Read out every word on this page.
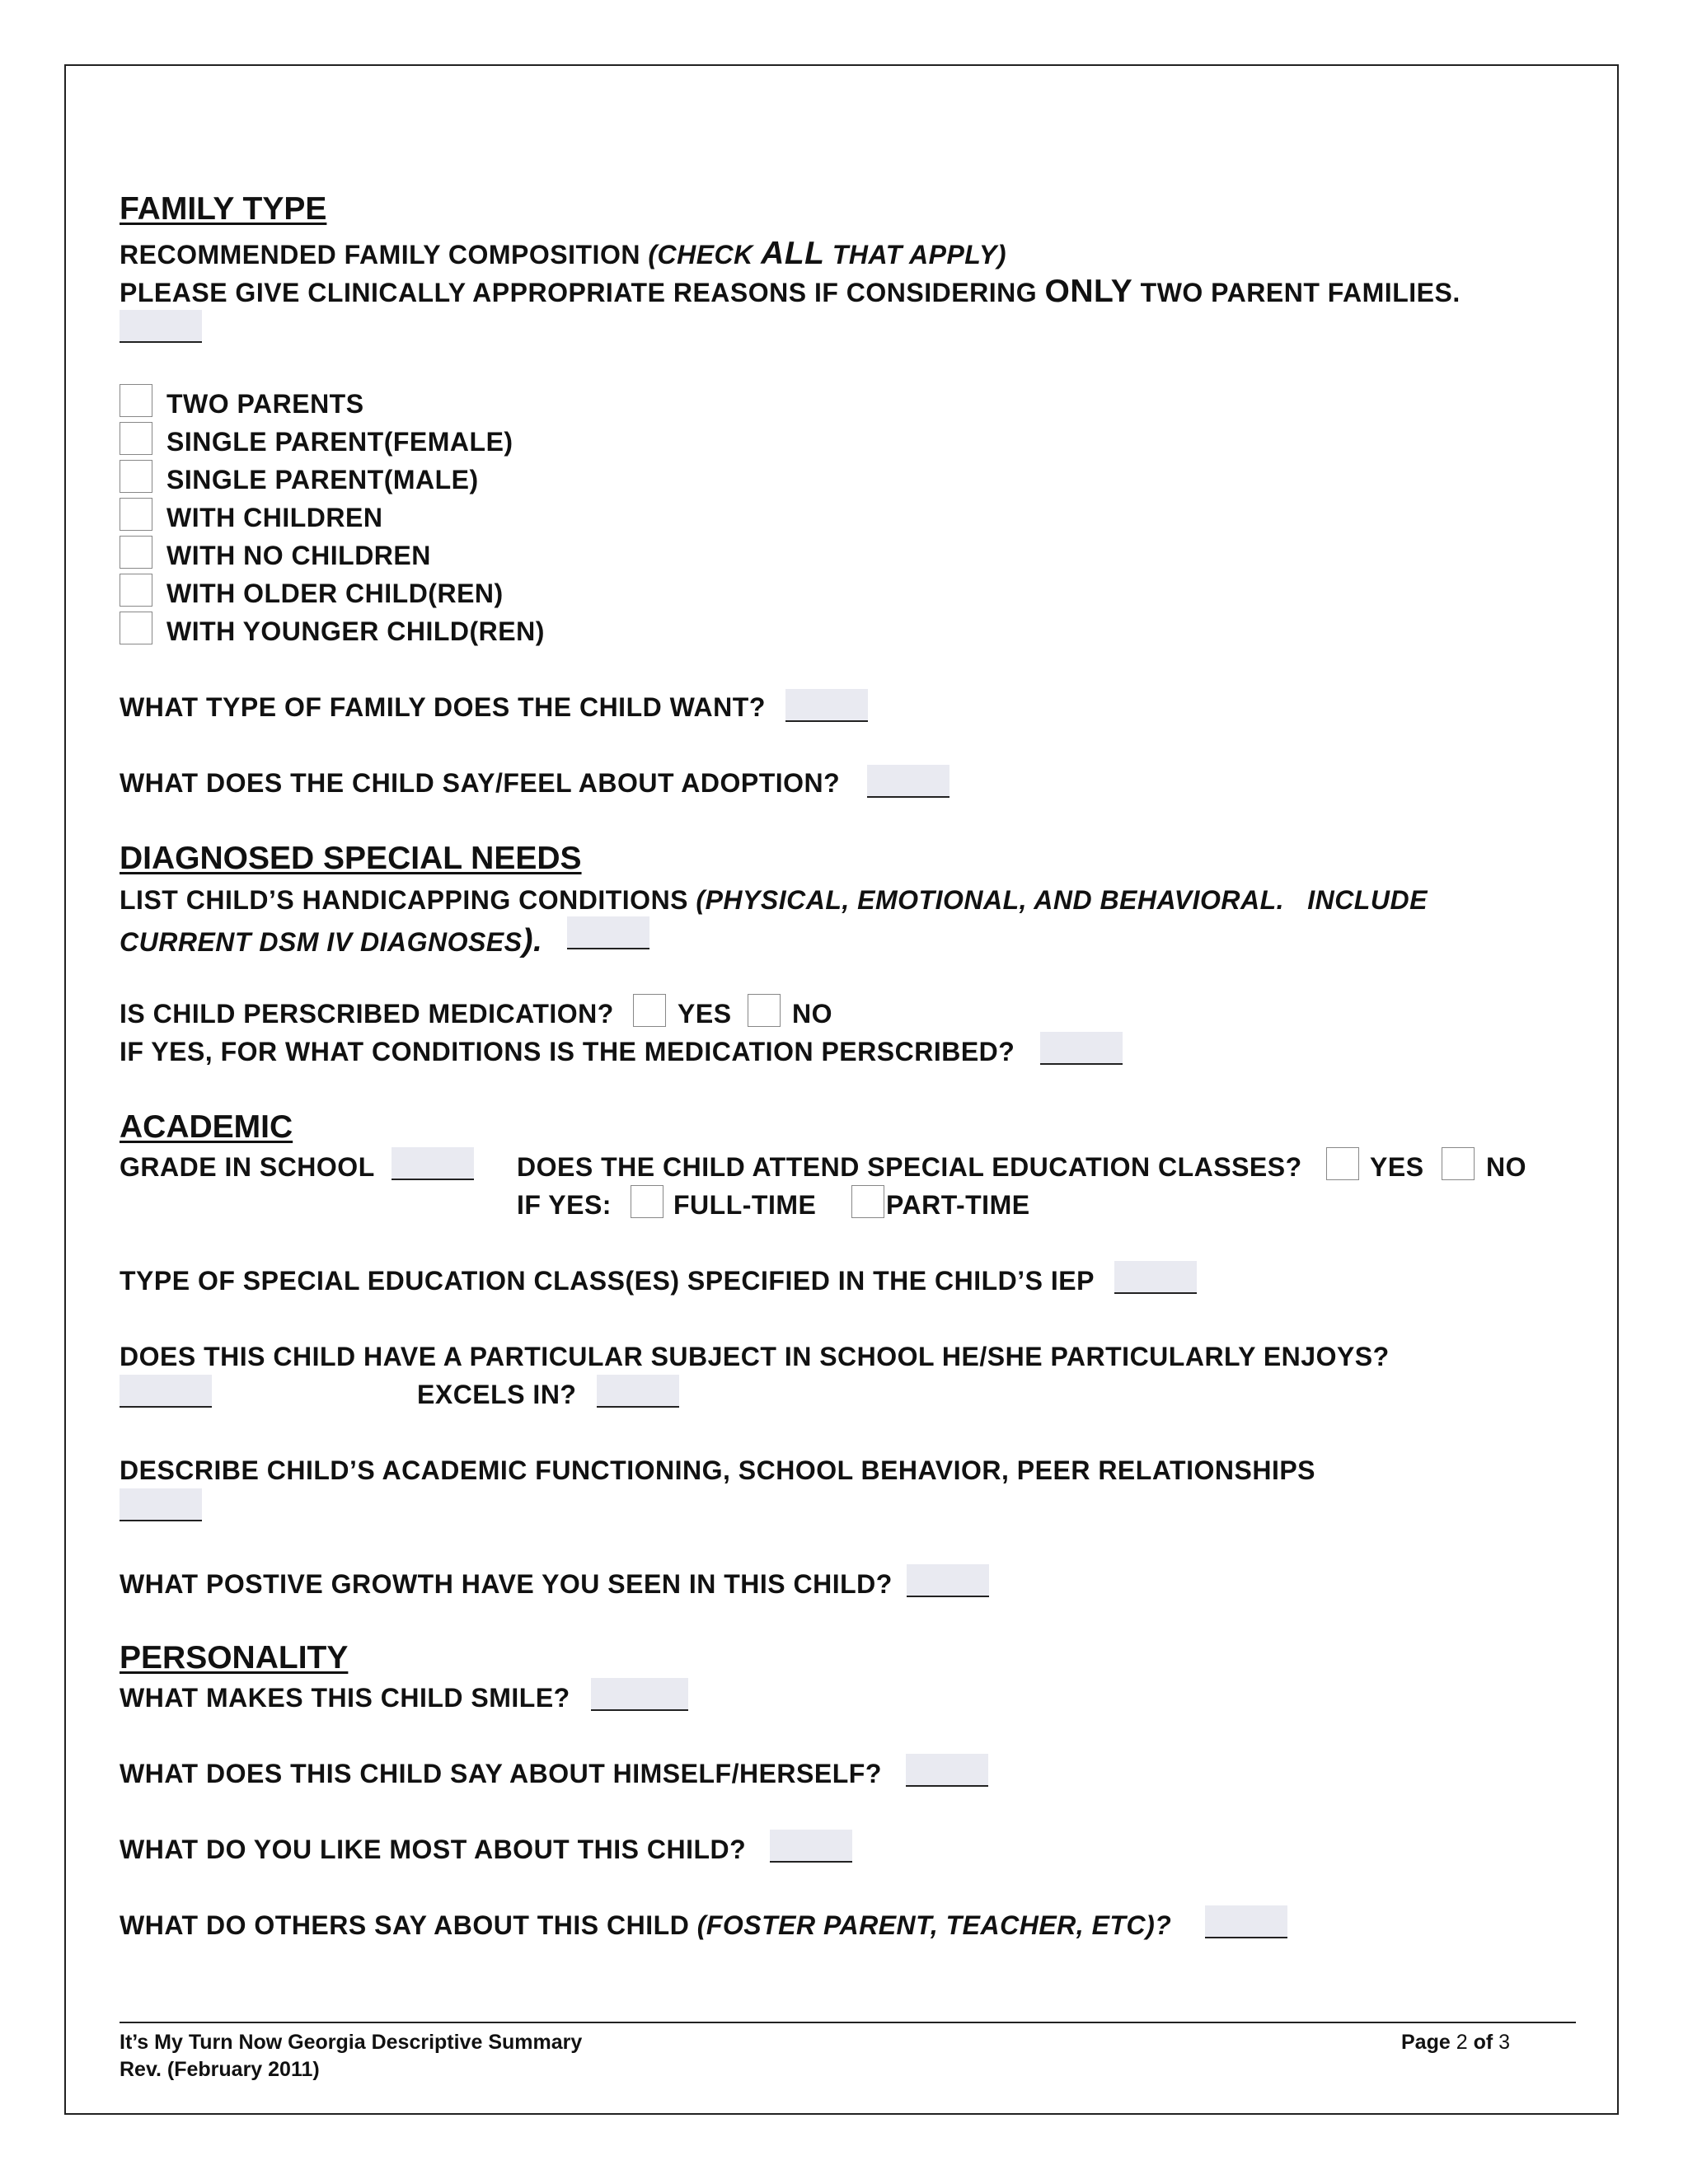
FAMILY TYPE
RECOMMENDED FAMILY COMPOSITION (CHECK ALL THAT APPLY)
PLEASE GIVE CLINICALLY APPROPRIATE REASONS IF CONSIDERING ONLY TWO PARENT FAMILIES.
TWO PARENTS
SINGLE PARENT(FEMALE)
SINGLE PARENT(MALE)
WITH CHILDREN
WITH NO CHILDREN
WITH OLDER CHILD(REN)
WITH YOUNGER CHILD(REN)
WHAT TYPE OF FAMILY DOES THE CHILD WANT?
WHAT DOES THE CHILD SAY/FEEL ABOUT ADOPTION?
DIAGNOSED SPECIAL NEEDS
LIST CHILD’S HANDICAPPING CONDITIONS (PHYSICAL, EMOTIONAL, AND BEHAVIORAL.   INCLUDE
CURRENT DSM IV DIAGNOSES).
IS CHILD PERSCRIBED MEDICATION? YES NO
IF YES, FOR WHAT CONDITIONS IS THE MEDICATION PERSCRIBED?
ACADEMIC
GRADE IN SCHOOL	DOES THE CHILD ATTEND SPECIAL EDUCATION CLASSES?	YES NO
IF YES: FULL-TIME	PART-TIME
TYPE OF SPECIAL EDUCATION CLASS(ES) SPECIFIED IN THE CHILD’S IEP
DOES THIS CHILD HAVE A PARTICULAR SUBJECT IN SCHOOL HE/SHE PARTICULARLY ENJOYS?
EXCELS IN?
DESCRIBE CHILD’S ACADEMIC FUNCTIONING, SCHOOL BEHAVIOR, PEER RELATIONSHIPS
WHAT POSTIVE GROWTH HAVE YOU SEEN IN THIS CHILD?
PERSONALITY
WHAT MAKES THIS CHILD SMILE?
WHAT DOES THIS CHILD SAY ABOUT HIMSELF/HERSELF?
WHAT DO YOU LIKE MOST ABOUT THIS CHILD?
WHAT DO OTHERS SAY ABOUT THIS CHILD (FOSTER PARENT, TEACHER, ETC)?
It’s My Turn Now Georgia Descriptive Summary
Rev. (February 2011)
Page 2 of 3
